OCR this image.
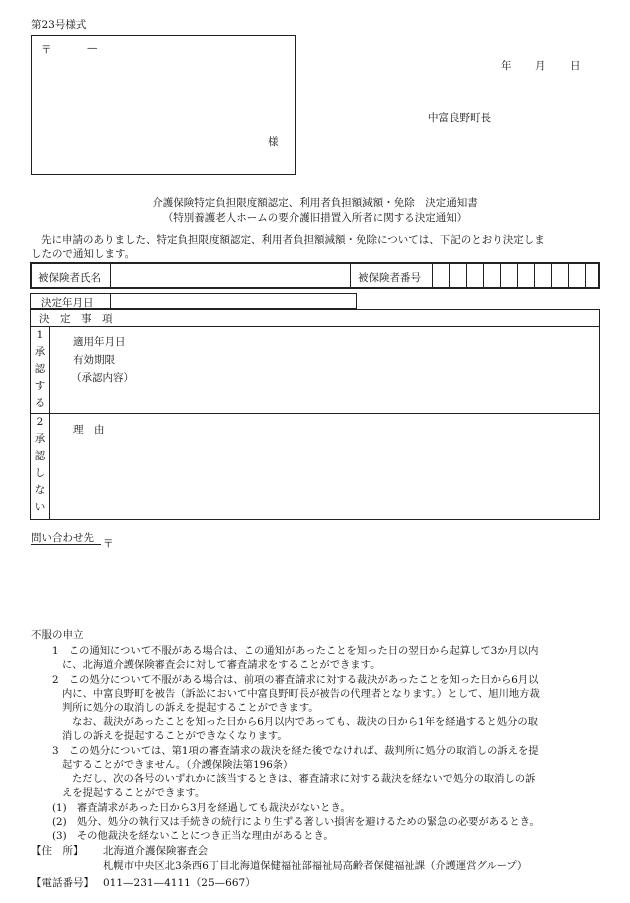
第23号様式
〒	—
様
年 月 日
中富良野町長
介護保険特定負担限度額認定、利用者負担額減額・免除　決定通知書
（特別養護老人ホームの要介護旧措置入所者に関する決定通知）
先に申請のありました、特定負担限度額認定、利用者負担額減額・免除については、下記のとおり決定しま
したので通知します。
被保険者氏名	被保険者番号
決定年月日
決　定　事　項
1
承
認
す
る
適用年月日
有効期限
（承認内容）
2
承
認
し
な
い
理　由
問い合わせ先 〒
不服の申立
1　この通知について不服がある場合は、この通知があったことを知った日の翌日から起算して3か月以内
に、北海道介護保険審査会に対して審査請求をすることができます。
2　この処分について不服がある場合は、前項の審査請求に対する裁決があったことを知った日から6月以
内に、中富良野町を被告（訴訟において中富良野町長が被告の代理者となります。）として、旭川地方裁
判所に処分の取消しの訴えを提起することができます。
なお、裁決があったことを知った日から6月以内であっても、裁決の日から1年を経過すると処分の取
消しの訴えを提起することができなくなります。
3　この処分については、第1項の審査請求の裁決を経た後でなければ、裁判所に処分の取消しの訴えを提
起することができません。（介護保険法第196条）
ただし、次の各号のいずれかに該当するときは、審査請求に対する裁決を経ないで処分の取消しの訴
えを提起することができます。
(1)　審査請求があった日から3月を経過しても裁決がないとき。
(2)　処分、処分の執行又は手続きの続行により生ずる著しい損害を避けるための緊急の必要があるとき。
(3)　その他裁決を経ないことにつき正当な理由があるとき。
【住　所】 北海道介護保険審査会
札幌市中央区北3条西6丁目北海道保健福祉部福祉局高齢者保健福祉課（介護運営グループ）
【電話番号】 011—231—4111（25—667）
